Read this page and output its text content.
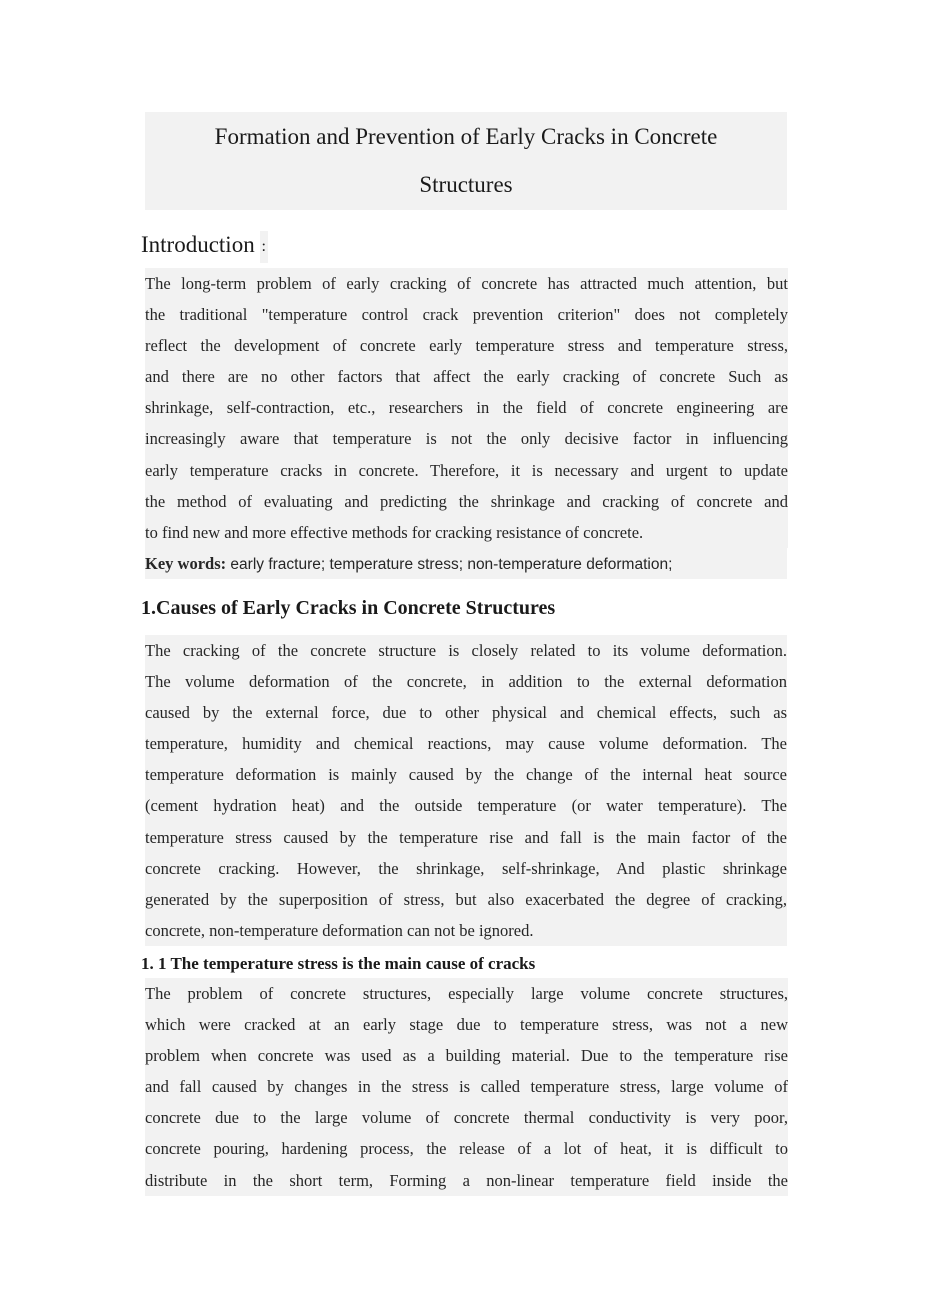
Formation and Prevention of Early Cracks in Concrete
Structures
Introduction :
The long-term problem of early cracking of concrete has attracted much attention, but
the traditional "temperature control crack prevention criterion" does not completely
reflect the development of concrete early temperature stress and temperature stress,
and there are no other factors that affect the early cracking of concrete Such as
shrinkage, self-contraction, etc., researchers in the field of concrete engineering are
increasingly aware that temperature is not the only decisive factor in influencing
early temperature cracks in concrete. Therefore, it is necessary and urgent to update
the method of evaluating and predicting the shrinkage and cracking of concrete and
to find new and more effective methods for cracking resistance of concrete.
Key words: early fracture; temperature stress; non-temperature deformation;
1.Causes of Early Cracks in Concrete Structures
The cracking of the concrete structure is closely related to its volume deformation.
The volume deformation of the concrete, in addition to the external deformation
caused by the external force, due to other physical and chemical effects, such as
temperature, humidity and chemical reactions, may cause volume deformation. The
temperature deformation is mainly caused by the change of the internal heat source
(cement hydration heat) and the outside temperature (or water temperature). The
temperature stress caused by the temperature rise and fall is the main factor of the
concrete cracking. However, the shrinkage, self-shrinkage, And plastic shrinkage
generated by the superposition of stress, but also exacerbated the degree of cracking,
concrete, non-temperature deformation can not be ignored.
1. 1 The temperature stress is the main cause of cracks
The problem of concrete structures, especially large volume concrete structures,
which were cracked at an early stage due to temperature stress, was not a new
problem when concrete was used as a building material. Due to the temperature rise
and fall caused by changes in the stress is called temperature stress, large volume of
concrete due to the large volume of concrete thermal conductivity is very poor,
concrete pouring, hardening process, the release of a lot of heat, it is difficult to
distribute in the short term, Forming a non-linear temperature field inside the
